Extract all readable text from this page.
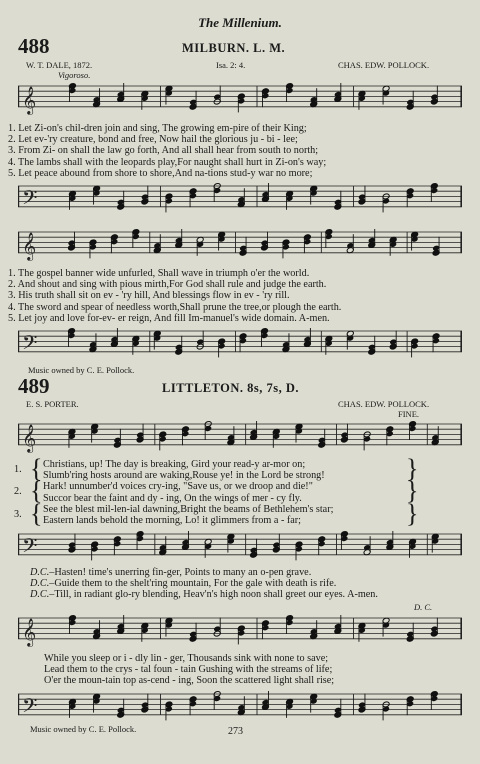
The Millenium.
488	MILBURN. L. M.
W. T. DALE, 1872.	Isa. 2: 4.	CHAS. EDW. POLLOCK.
Vigoroso.
𝄞
1. Let Zi-on's chil-dren join and sing, The growing em-pire of their King;
2. Let ev-'ry creature, bond and free, Now hail the glorious ju - bi - lee;
3. From Zi- on shall the law go forth, And all shall hear from south to north;
4. The lambs shall with the leopards play,For naught shall hurt in Zi-on's way;
5. Let peace abound from shore to shore,And na-tions stud-y war no more;
𝄢
𝄞
1. The gospel banner wide unfurled, Shall wave in triumph o'er the world.
2. And shout and sing with pious mirth,For God shall rule and judge the earth.
3. His truth shall sit on ev - 'ry hill, And blessings flow in ev - 'ry rill.
4. The sword and spear of needless worth,Shall prune the tree,or plough the earth.
5. Let joy and love for-ev- er reign, And fill Im-manuel's wide domain. A-men.
𝄢
Music owned by C. E. Pollock.
489	LITTLETON. 8s, 7s, D.
E. S. PORTER.	CHAS. EDW. POLLOCK.
FINE.
𝄞
1. { Christians, up! The day is breaking, Gird your read-y ar-mor on;
Slumb'ring hosts around are waking,Rouse ye! in the Lord be strong!	}
2. { Hark! unnumber'd voices cry-ing, "Save us, or we droop and die!"
Succor bear the faint and dy - ing, On the wings of mer - cy fly.	}
3. { See the blest mil-len-ial dawning,Bright the beams of Bethlehem's star;
Eastern lands behold the morning, Lo! it glimmers from a - far;	}
𝄢
D.C.–Hasten! time's unerring fin-ger, Points to many an o-pen grave.
D.C.–Guide them to the shelt'ring mountain, For the gale with death is rife.
D.C.–Till, in radiant glo-ry blending, Heav'n's high noon shall greet our eyes. A-men.
D. C.
𝄞
While you sleep or i - dly lin - ger, Thousands sink with none to save;
Lead them to the crys - tal foun - tain Gushing with the streams of life;
O'er the moun-tain top as-cend - ing, Soon the scattered light shall rise;
𝄢
Music owned by C. E. Pollock.	273
